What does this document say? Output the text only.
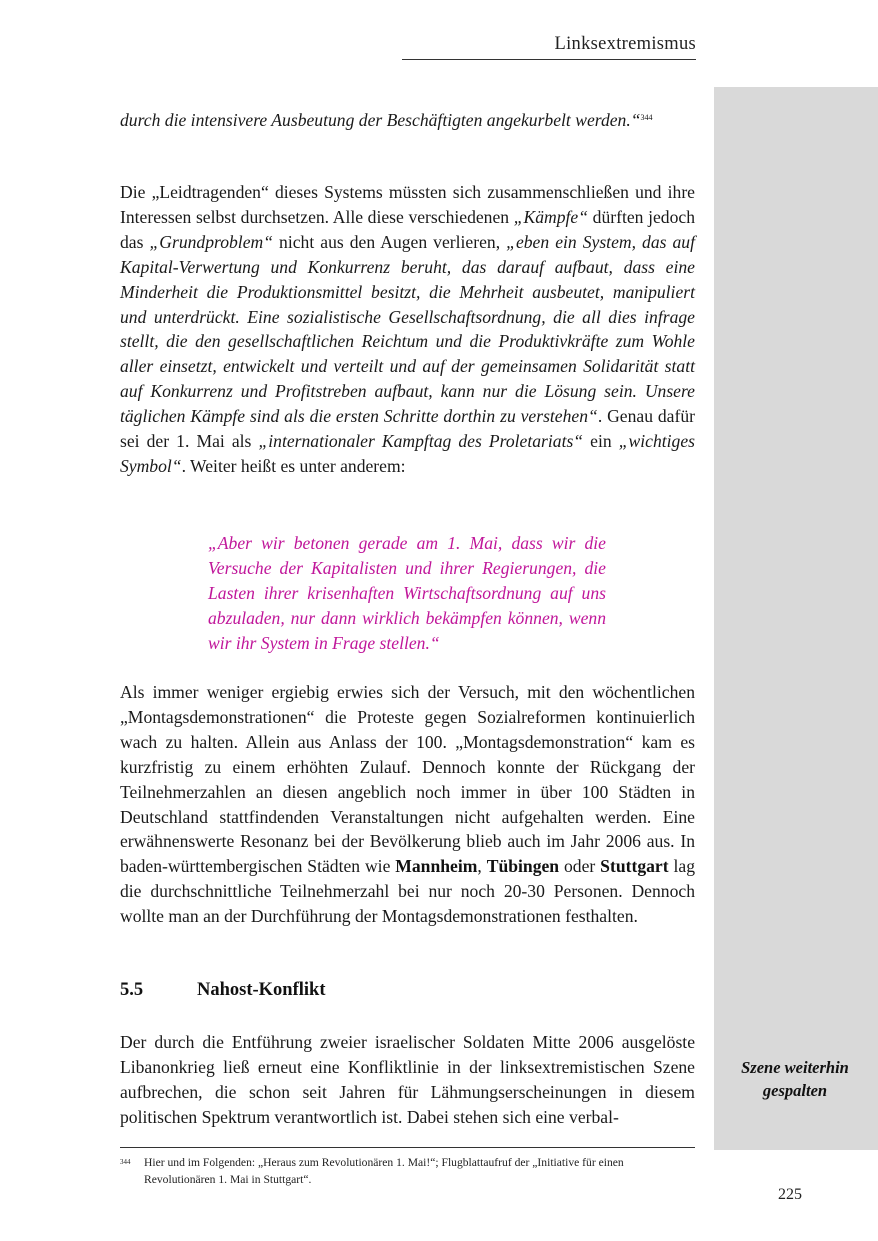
Linksextremismus

durch die intensivere Ausbeutung der Beschäftigten angekurbelt werden.“$^{344}$

Die „Leidtragenden“ dieses Systems müssten sich zusammenschließen und ihre Interessen selbst durchsetzen. Alle diese verschiedenen „Kämpfe“ dürften jedoch das „Grundproblem“ nicht aus den Augen verlieren, „eben ein System, das auf Kapital-Verwertung und Konkurrenz beruht, das darauf aufbaut, dass eine Minderheit die Produktionsmittel besitzt, die Mehrheit ausbeutet, manipuliert und unterdrückt. Eine sozialistische Gesellschaftsordnung, die all dies infrage stellt, die den gesellschaftlichen Reichtum und die Produktivkräfte zum Wohle aller einsetzt, entwickelt und verteilt und auf der gemeinsamen Solidarität statt auf Konkurrenz und Profitstreben aufbaut, kann nur die Lösung sein. Unsere täglichen Kämpfe sind als die ersten Schritte dorthin zu verstehen“. Genau dafür sei der 1. Mai als „internationaler Kampftag des Proletariats“ ein „wichtiges Symbol“. Weiter heißt es unter anderem:

„Aber wir betonen gerade am 1. Mai, dass wir die Versuche der Kapitalisten und ihrer Regierungen, die Lasten ihrer krisenhaften Wirtschaftsordnung auf uns abzuladen, nur dann wirklich bekämpfen können, wenn wir ihr System in Frage stellen.“

Als immer weniger ergiebig erwies sich der Versuch, mit den wöchentlichen „Montagsdemonstrationen“ die Proteste gegen Sozialreformen kontinuierlich wach zu halten. Allein aus Anlass der 100. „Montagsdemonstration“ kam es kurzfristig zu einem erhöhten Zulauf. Dennoch konnte der Rückgang der Teilnehmerzahlen an diesen angeblich noch immer in über 100 Städten in Deutschland stattfindenden Veranstaltungen nicht aufgehalten werden. Eine erwähnenswerte Resonanz bei der Bevölkerung blieb auch im Jahr 2006 aus. In baden-württembergischen Städten wie Mannheim, Tübingen oder Stuttgart lag die durchschnittliche Teilnehmerzahl bei nur noch 20-30 Personen. Dennoch wollte man an der Durchführung der Montagsdemonstrationen festhalten.

5.5	Nahost-Konflikt

Der durch die Entführung zweier israelischer Soldaten Mitte 2006 ausgelöste Libanonkrieg ließ erneut eine Konfliktlinie in der linksextremistischen Szene aufbrechen, die schon seit Jahren für Lähmungserscheinungen in diesem politischen Spektrum verantwortlich ist. Dabei stehen sich eine verbal-

Szene weiterhin gespalten
344 Hier und im Folgenden: „Heraus zum Revolutionären 1. Mai!“; Flugblattaufruf der „Initiative für einen Revolutionären 1. Mai in Stuttgart“.
225
